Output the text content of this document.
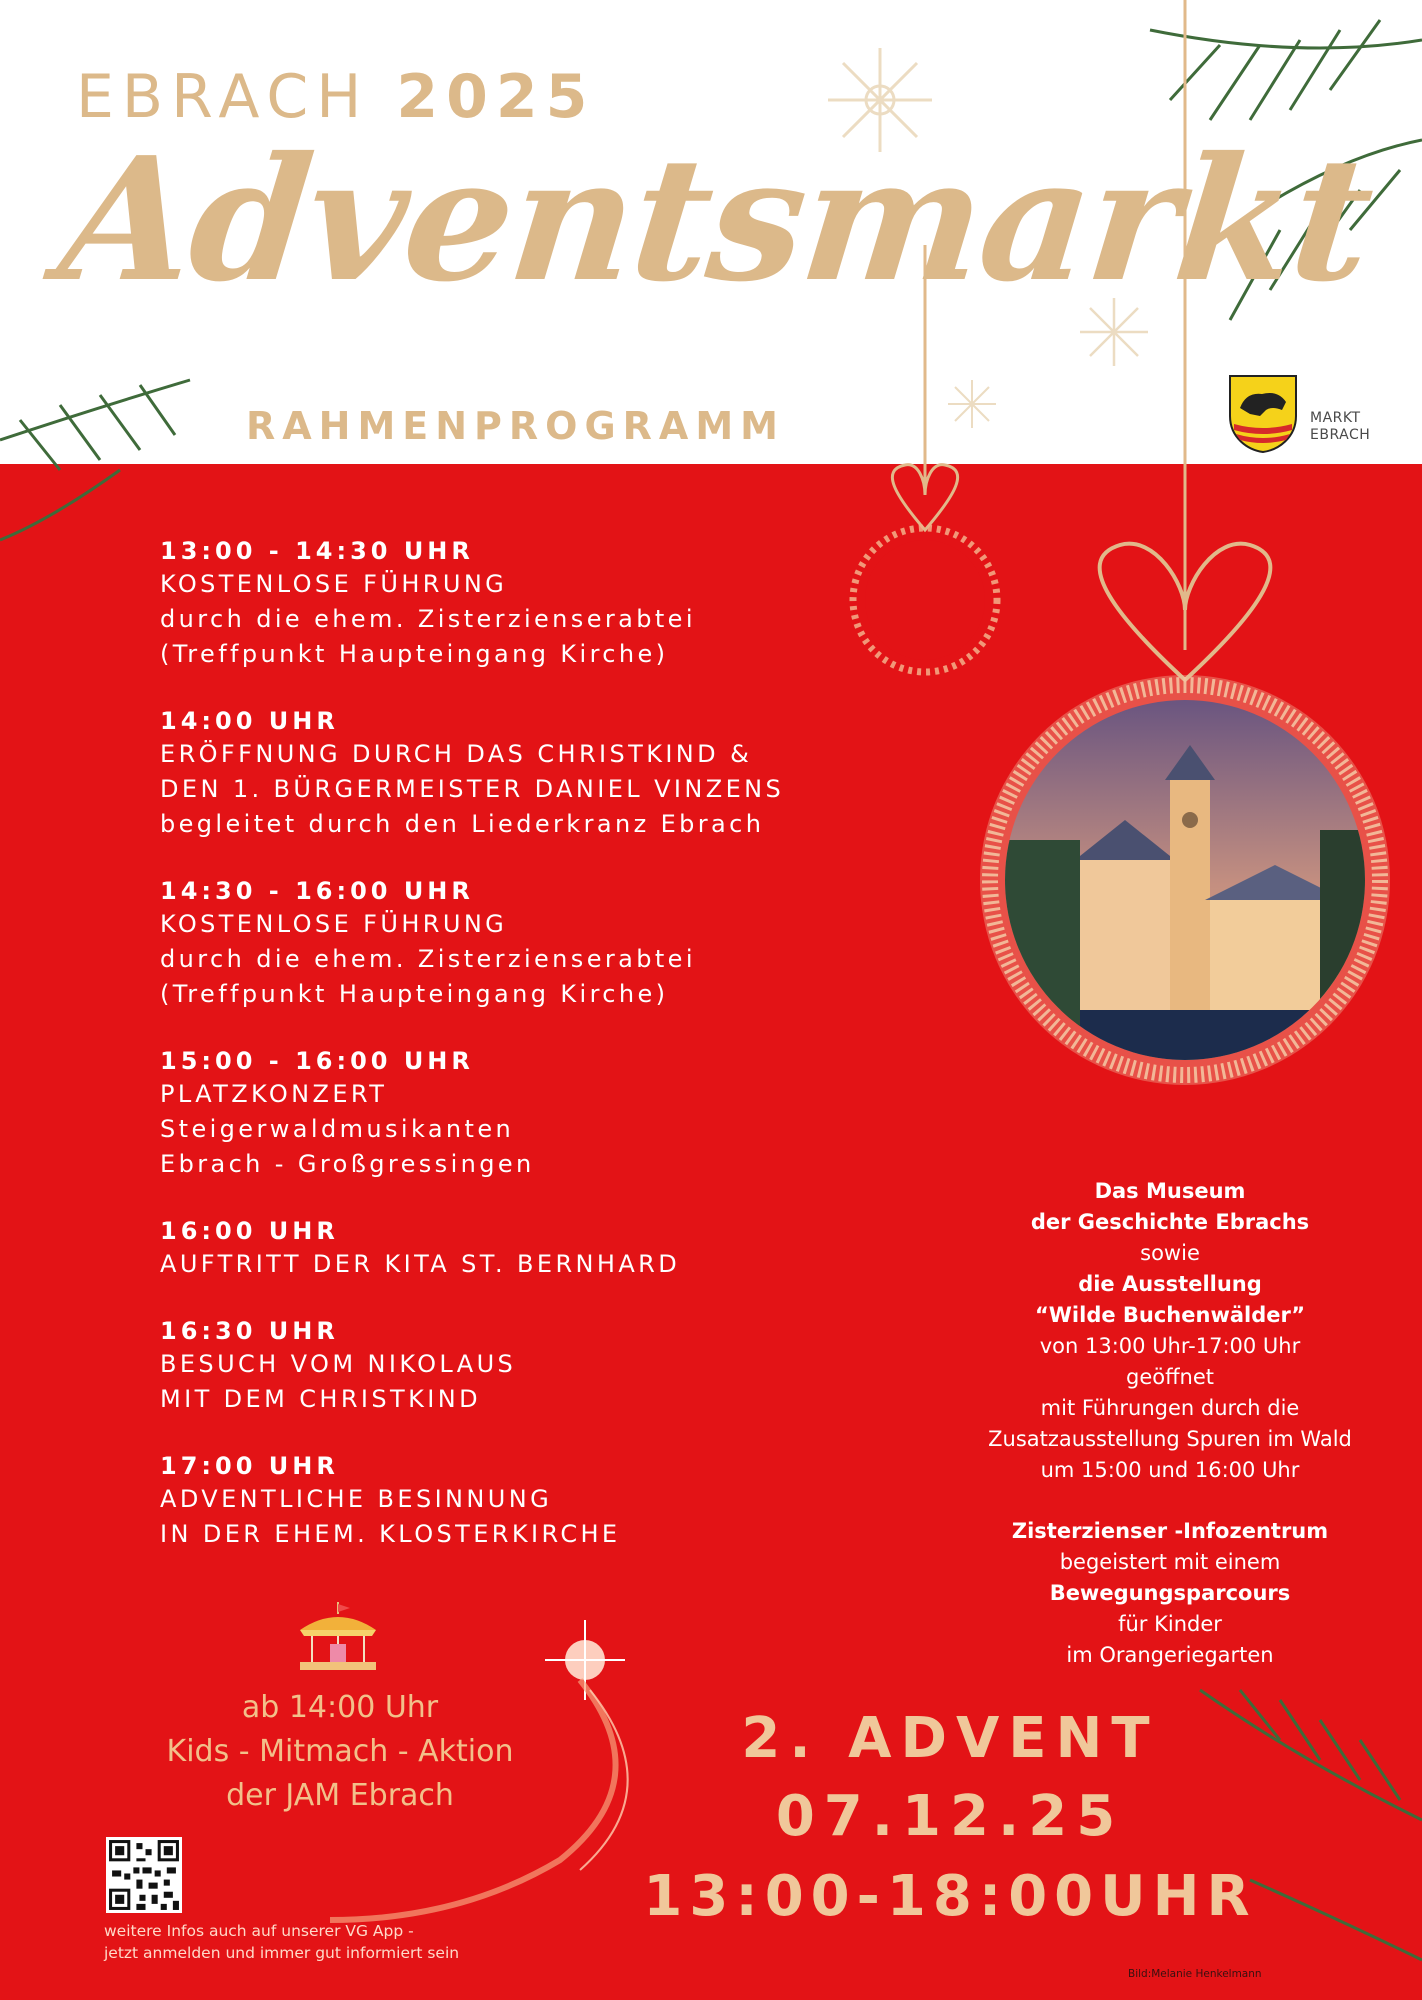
EBRACH 2025
Adventsmarkt
RAHMENPROGRAMM	MARKT
EBRACH
13:00 - 14:30 UHR
KOSTENLOSE FÜHRUNG
durch die ehem. Zisterzienserabtei
(Treffpunkt Haupteingang Kirche)
14:00 UHR
ERÖFFNUNG DURCH DAS CHRISTKIND &
DEN 1. BÜRGERMEISTER DANIEL VINZENS
begleitet durch den Liederkranz Ebrach
14:30 - 16:00 UHR
KOSTENLOSE FÜHRUNG
durch die ehem. Zisterzienserabtei
(Treffpunkt Haupteingang Kirche)
15:00 - 16:00 UHR
PLATZKONZERT
Steigerwaldmusikanten
Ebrach - Großgressingen
16:00 UHR
AUFTRITT DER KITA ST. BERNHARD
16:30 UHR
BESUCH VOM NIKOLAUS
MIT DEM CHRISTKIND
17:00 UHR
ADVENTLICHE BESINNUNG
IN DER EHEM. KLOSTERKIRCHE
Das Museum
der Geschichte Ebrachs
sowie
die Ausstellung
“Wilde Buchenwälder”
von 13:00 Uhr-17:00 Uhr
geöffnet
mit Führungen durch die
Zusatzausstellung Spuren im Wald
um 15:00 und 16:00 Uhr
Zisterzienser -Infozentrum
begeistert mit einem
Bewegungsparcours
für Kinder
im Orangeriegarten
ab 14:00 Uhr
Kids - Mitmach - Aktion
der JAM Ebrach
2. ADVENT
07.12.25
13:00-18:00UHR
weitere Infos auch auf unserer VG App -
jetzt anmelden und immer gut informiert sein
Bild:Melanie Henkelmann
